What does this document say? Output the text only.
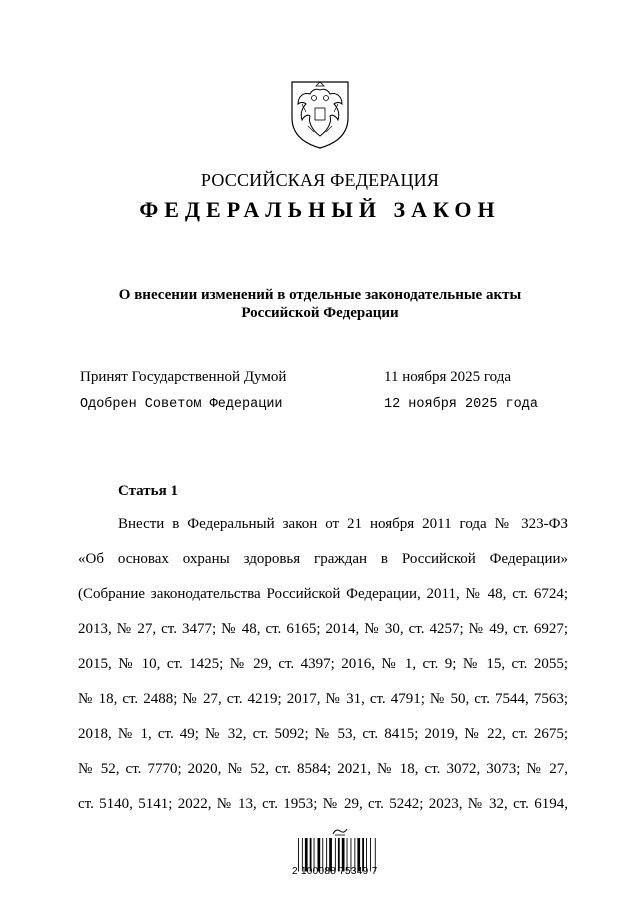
РОССИЙСКАЯ ФЕДЕРАЦИЯ
ФЕДЕРАЛЬНЫЙ ЗАКОН
О внесении изменений в отдельные законодательные акты
Российской Федерации
Принят Государственной Думой	11 ноября 2025 года
Одобрен Советом Федерации	12 ноября 2025 года
Статья 1
Внести в Федеральный закон от 21 ноября 2011 года № 323-ФЗ
«Об основах охраны здоровья граждан в Российской Федерации»
(Собрание законодательства Российской Федерации, 2011, № 48, ст. 6724;
2013, № 27, ст. 3477; № 48, ст. 6165; 2014, № 30, ст. 4257; № 49, ст. 6927;
2015, № 10, ст. 1425; № 29, ст. 4397; 2016, № 1, ст. 9; № 15, ст. 2055;
№ 18, ст. 2488; № 27, ст. 4219; 2017, № 31, ст. 4791; № 50, ст. 7544, 7563;
2018, № 1, ст. 49; № 32, ст. 5092; № 53, ст. 8415; 2019, № 22, ст. 2675;
№ 52, ст. 7770; 2020, № 52, ст. 8584; 2021, № 18, ст. 3072, 3073; № 27,
ст. 5140, 5141; 2022, № 13, ст. 1953; № 29, ст. 5242; 2023, № 32, ст. 6194,
2 100088 75349 7
